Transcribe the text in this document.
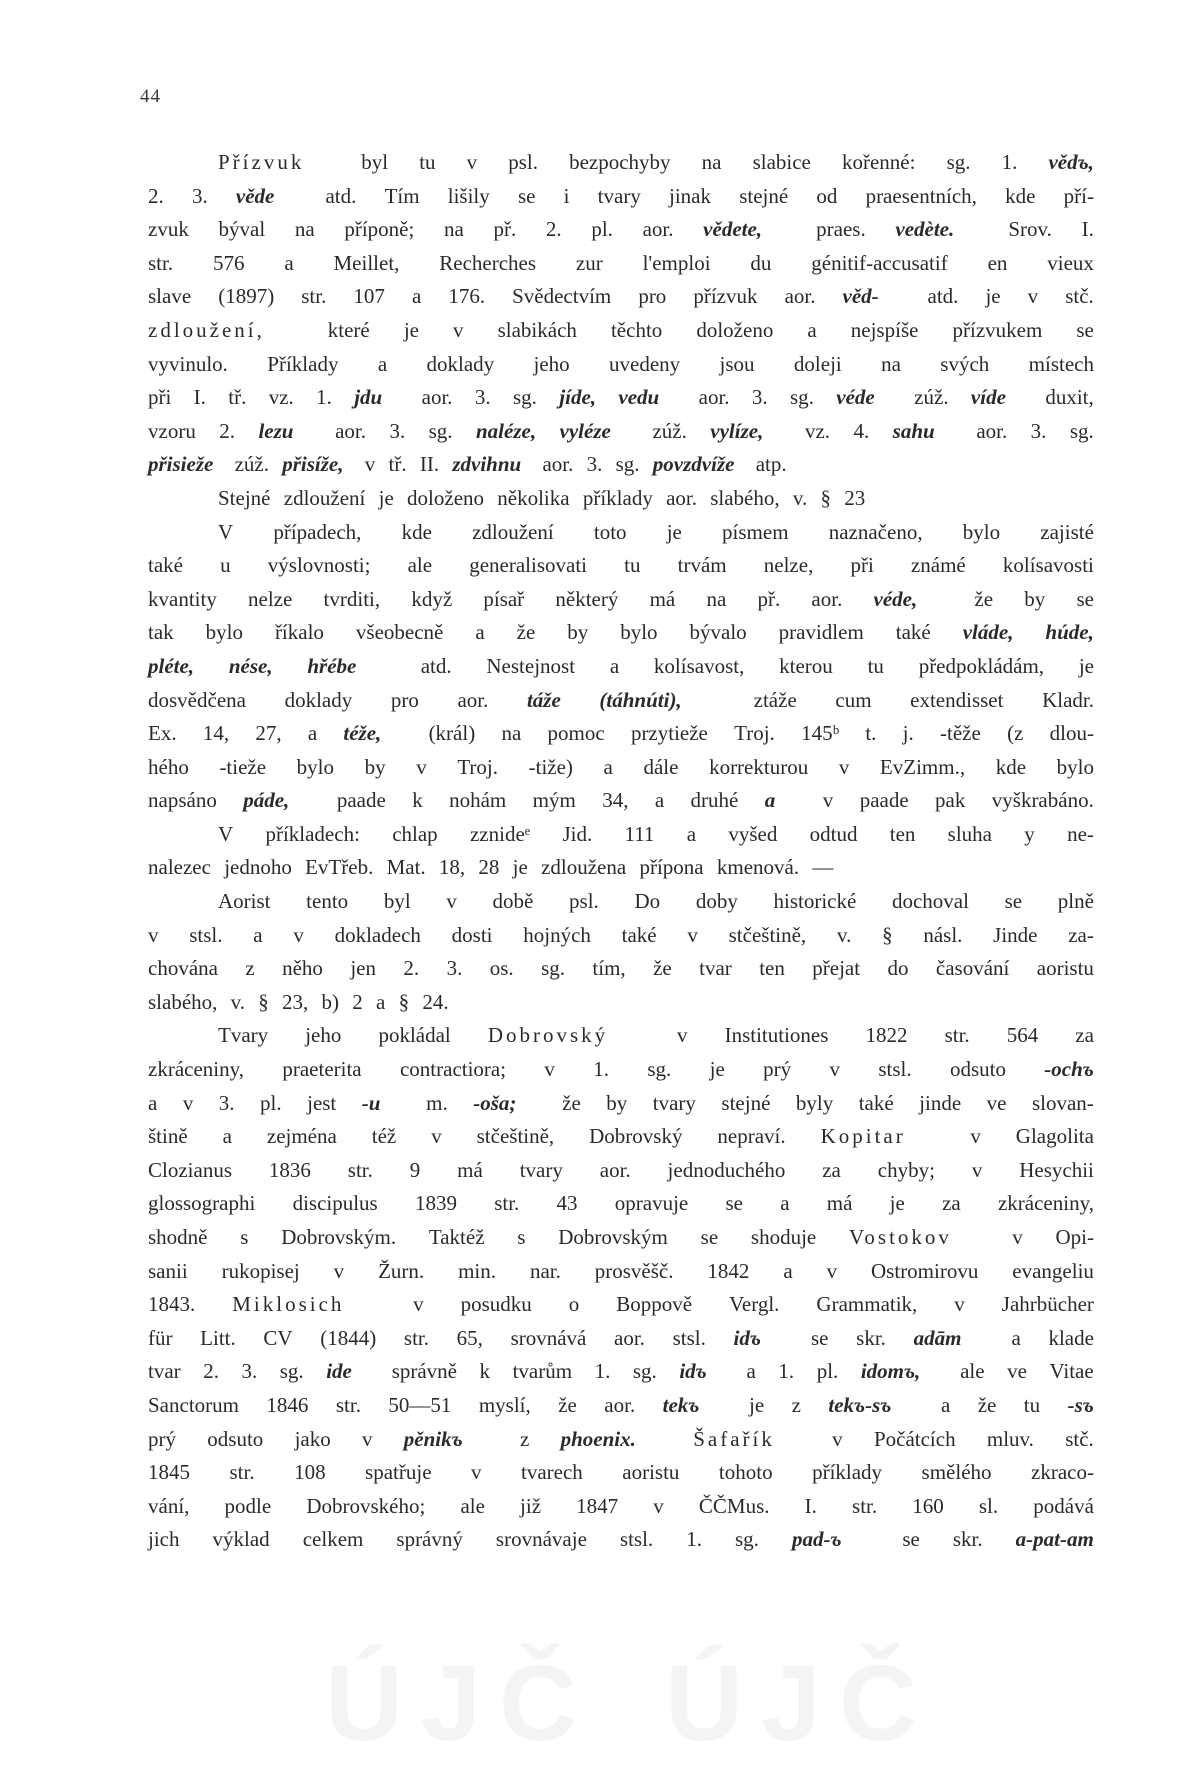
44
Přízvuk
	byl tu v psl. bezpochyby na slabice kořenné: sg. 1. vědъ,
2. 3. věde
atd. Tím lišily se i tvary jinak stejné od praesentních, kde pří-
zvuk býval na příponě; na př. 2. pl. aor. vědete,
	praes. vedète.
	Srov. I.
str. 576 a Meillet, Recherches zur l'emploi du génitif-accusatif en vieux
slave (1897) str. 107 a 176. Svědectvím pro přízvuk aor. věd-
atd. je v stč.
zdloužení,
	které je v slabikách těchto doloženo a nejspíše přízvukem se
vyvinulo. Příklady a doklady jeho uvedeny jsou doleji na svých místech
při I. tř. vz. 1. jdu
aor. 3. sg. jíde, vedu
aor. 3. sg. véde
zúž. víde
duxit,
vzoru 2. lezu
aor. 3. sg. naléze, vyléze
zúž. vylíze,
vz. 4. sahu
aor. 3. sg.
přisieže
zúž. přisíže,
v tř. II. zdvihnu
aor. 3. sg. povzdvíže
atp.
Stejné zdloužení je doloženo několika příklady aor. slabého, v. § 23
V případech, kde zdloužení toto je písmem naznačeno, bylo zajisté
také u výslovnosti; ale generalisovati tu trvám nelze, při známé kolísavosti
kvantity nelze tvrditi, když písař některý má na př. aor. véde,
	že by se
tak bylo říkalo všeobecně a že by bylo bývalo pravidlem také vláde, húde,
pléte, nése, hřébe
	atd. Nestejnost a kolísavost, kterou tu předpokládám, je
dosvědčena doklady pro aor. táže (táhnúti),
	ztáže cum extendisset Kladr.
Ex. 14, 27, a téže,
(král) na pomoc przytieže Troj. 145ᵇ t. j. -těže (z dlou-
hého -tieže bylo by v Troj. -tiže) a dále korrekturou v EvZimm., kde bylo
napsáno páde,
paade k nohám mým 34, a druhé a
v paade pak vyškrabáno.
V příkladech: chlap zznideᵉ Jid. 111 a vyšed odtud ten sluha y ne-
nalezec jednoho EvTřeb. Mat. 18, 28 je zdloužena přípona kmenová. —
Aorist tento byl v době psl. Do doby historické dochoval se plně
v stsl. a v dokladech dosti hojných také v stčeštině, v. § násl. Jinde za-
chována z něho jen 2. 3. os. sg. tím, že tvar ten přejat do časování aoristu
slabého, v. § 23, b) 2 a § 24.
Tvary jeho pokládal Dobrovský
	v Institutiones 1822 str. 564 za
zkráceniny, praeterita contractiora; v 1. sg. je prý v stsl. odsuto -ochъ
a v 3. pl. jest -u
m. -oša;
že by tvary stejné byly také jinde ve slovan-
štině a zejména též v stčeštině, Dobrovský nepraví. Kopitar
	v Glagolita
Clozianus 1836 str. 9 má tvary aor. jednoduchého za chyby; v Hesychii
glossographi discipulus 1839 str. 43 opravuje se a má je za zkráceniny,
shodně s Dobrovským. Taktéž s Dobrovským se shoduje Vostokov
	v Opi-
sanii rukopisej v Žurn. min. nar. prosvěšč. 1842 a v Ostromirovu evangeliu
1843. Miklosich
	v posudku o Boppově Vergl. Grammatik, v Jahrbücher
für Litt. CV (1844) str. 65, srovnává aor. stsl. idъ
se skr. adām
a klade
tvar 2. 3. sg. ide
správně k tvarům 1. sg. idъ
a 1. pl. idomъ,
ale ve Vitae
Sanctorum 1846 str. 50—51 myslí, že aor. tekъ
je z tekъ-sъ
a že tu -sъ
prý odsuto jako v pěnikъ
	z phoenix.
	Šafařík
	v Počátcích mluv. stč.
1845 str. 108 spatřuje v tvarech aoristu tohoto příklady smělého zkraco-
vání, podle Dobrovského; ale již 1847 v ČČMus. I. str. 160 sl. podává
jich výklad celkem správný srovnávaje stsl. 1. sg. pad-ъ
	se skr. a-pat-am
ÚJČ ÚJČ
